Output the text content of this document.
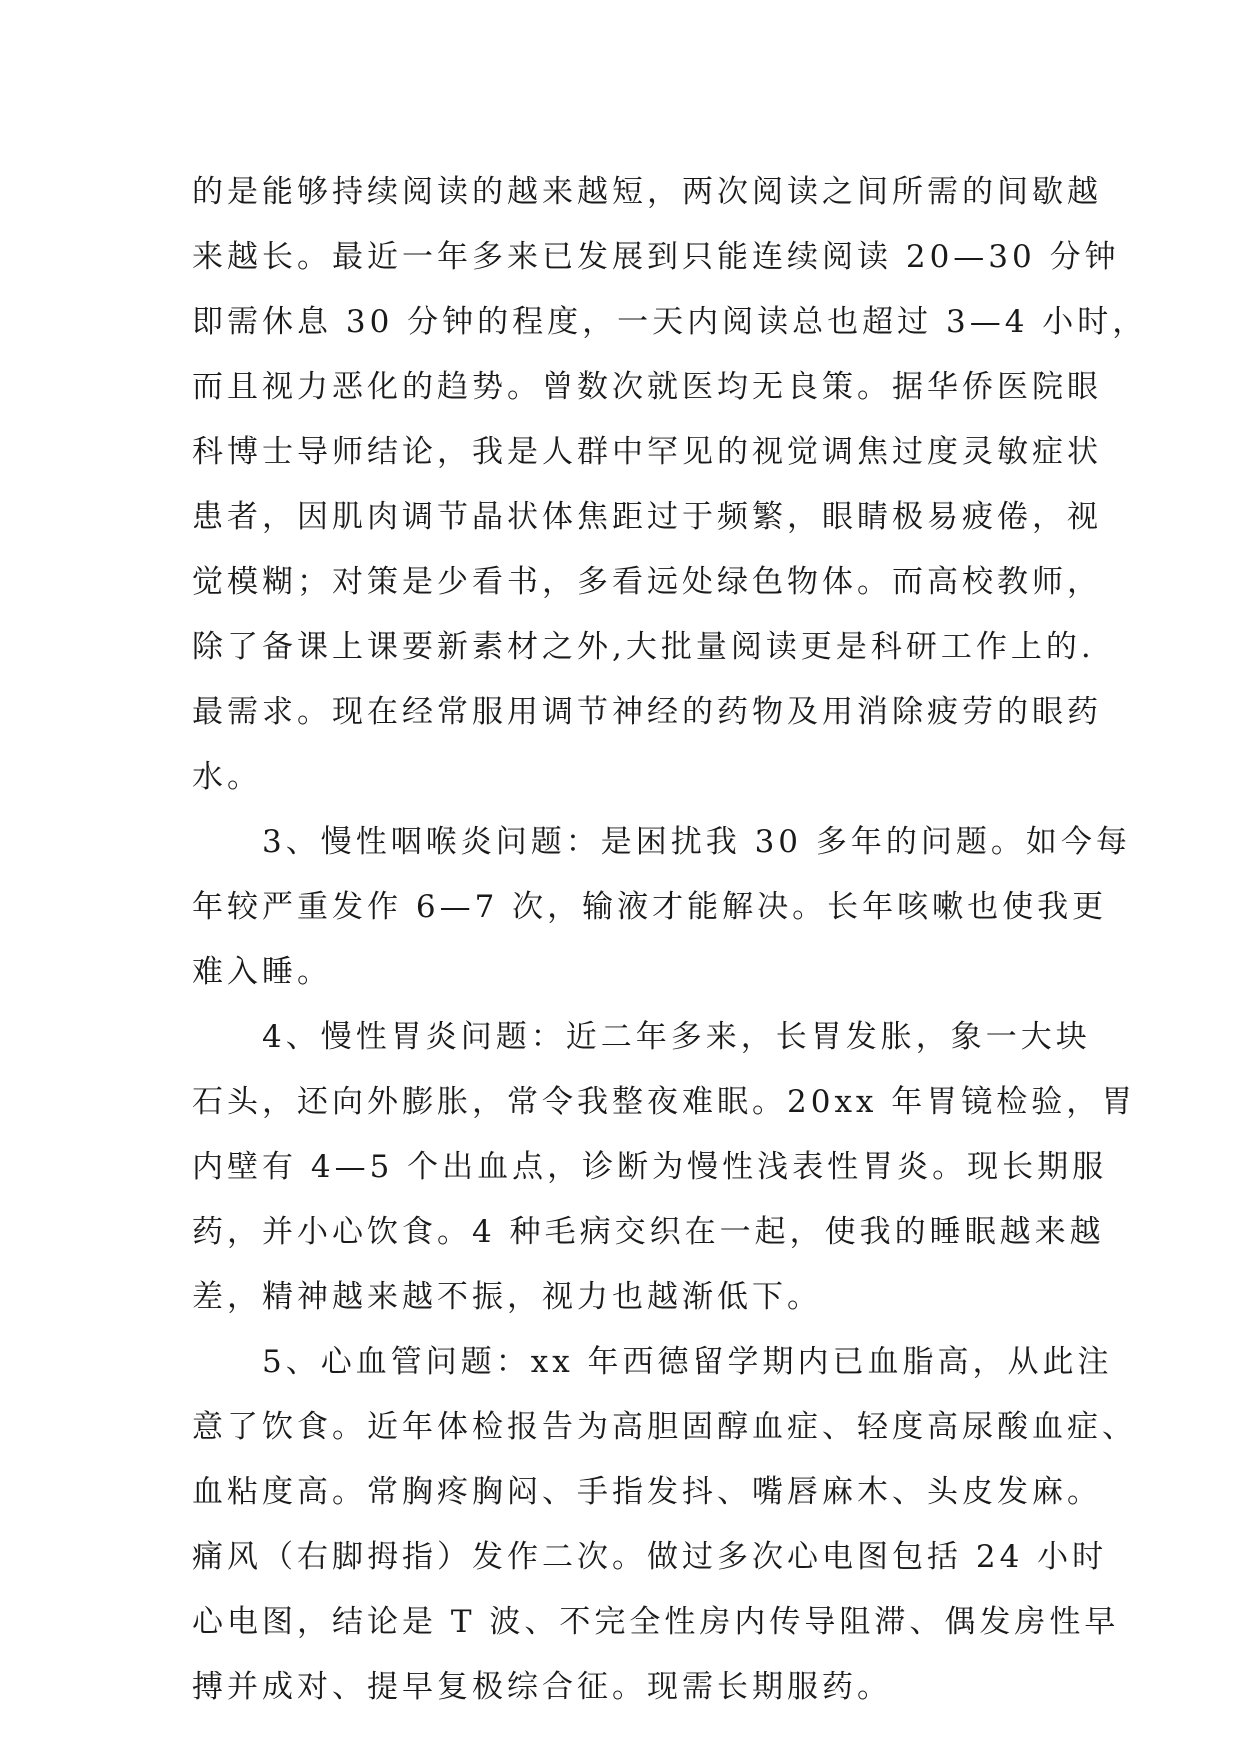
的是能够持续阅读的越来越短，两次阅读之间所需的间歇越
来越长。最近一年多来已发展到只能连续阅读 20—30 分钟
即需休息 30 分钟的程度，一天内阅读总也超过 3—4 小时，
而且视力恶化的趋势。曾数次就医均无良策。据华侨医院眼
科博士导师结论，我是人群中罕见的视觉调焦过度灵敏症状
患者，因肌肉调节晶状体焦距过于频繁，眼睛极易疲倦，视
觉模糊；对策是少看书，多看远处绿色物体。而高校教师，
除了备课上课要新素材之外,大批量阅读更是科研工作上的.
最需求。现在经常服用调节神经的药物及用消除疲劳的眼药
水。
　　3、慢性咽喉炎问题：是困扰我 30 多年的问题。如今每
年较严重发作 6—7 次，输液才能解决。长年咳嗽也使我更
难入睡。
　　4、慢性胃炎问题：近二年多来，长胃发胀，象一大块
石头，还向外膨胀，常令我整夜难眠。20xx 年胃镜检验，胃
内壁有 4—5 个出血点，诊断为慢性浅表性胃炎。现长期服
药，并小心饮食。4 种毛病交织在一起，使我的睡眠越来越
差，精神越来越不振，视力也越渐低下。
　　5、心血管问题：xx 年西德留学期内已血脂高，从此注
意了饮食。近年体检报告为高胆固醇血症、轻度高尿酸血症、
血粘度高。常胸疼胸闷、手指发抖、嘴唇麻木、头皮发麻。
痛风（右脚拇指）发作二次。做过多次心电图包括 24 小时
心电图，结论是 T 波、不完全性房内传导阻滞、偶发房性早
搏并成对、提早复极综合征。现需长期服药。
